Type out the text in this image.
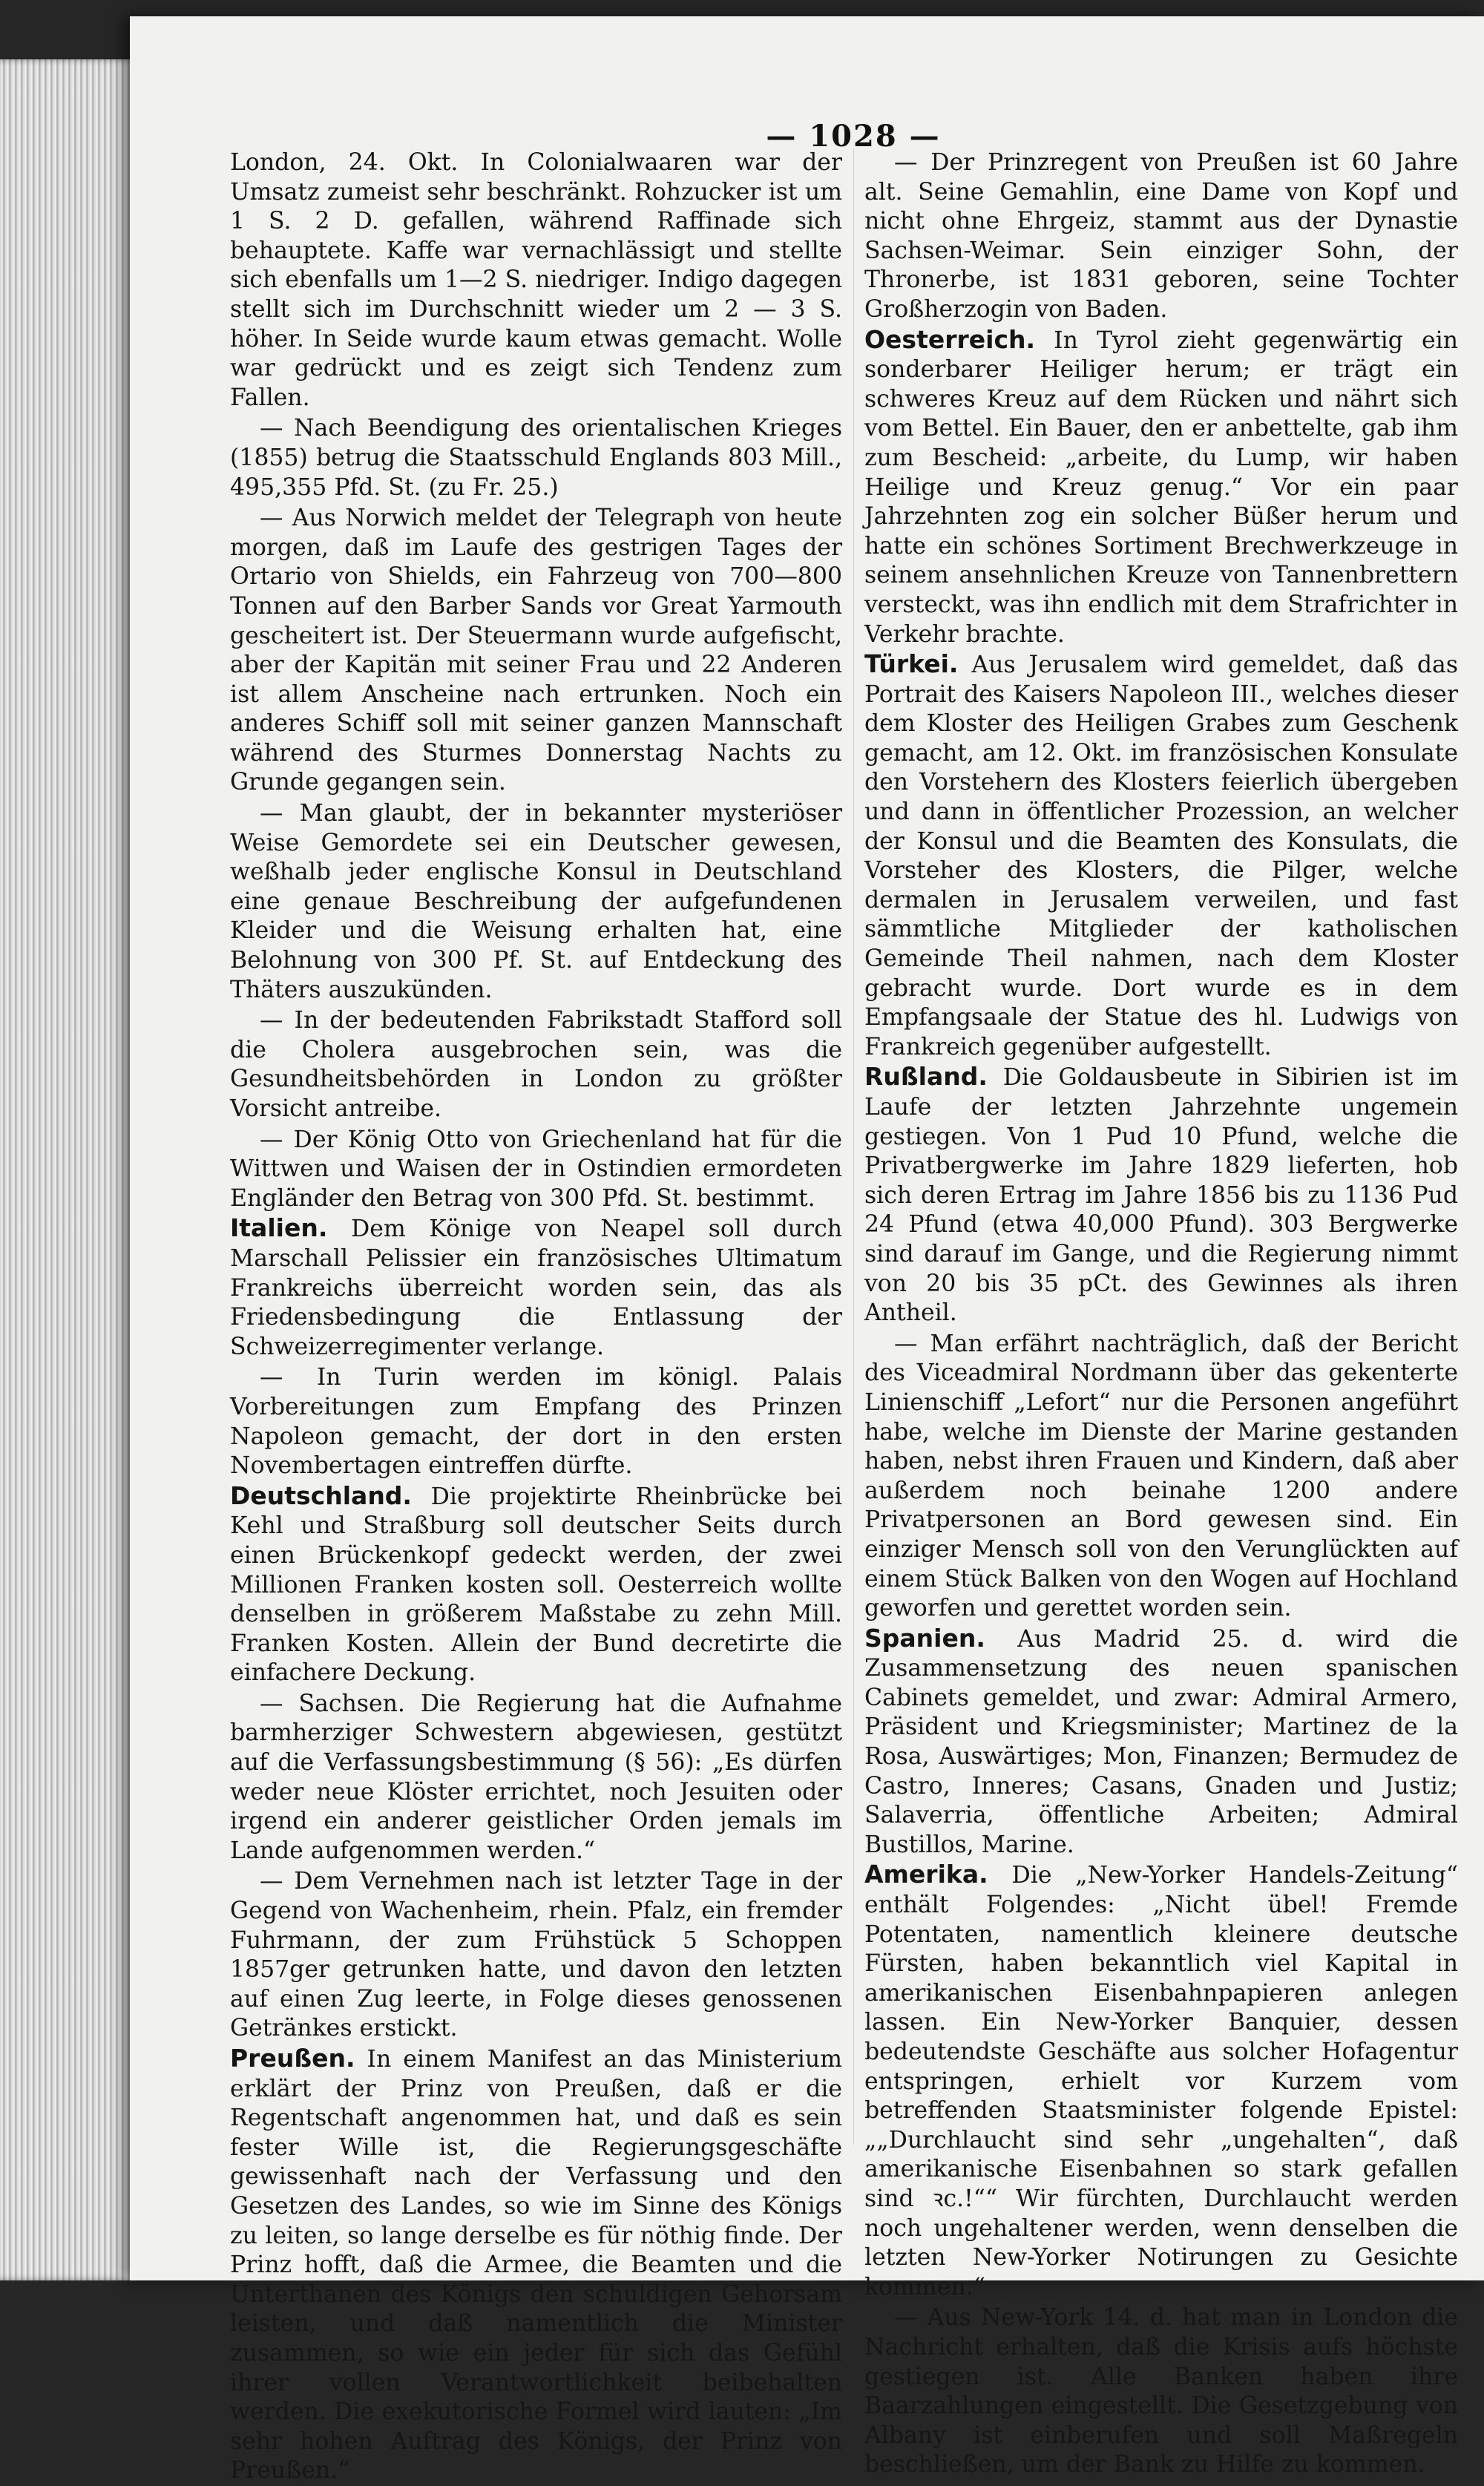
— 1028 —

London, 24. Okt. In Colonialwaaren war der Umsatz zumeist sehr beschränkt. Rohzucker ist um 1 S. 2 D. gefallen, während Raffinade sich behauptete. Kaffe war vernachlässigt und stellte sich ebenfalls um 1—2 S. niedriger. Indigo dagegen stellt sich im Durchschnitt wieder um 2 — 3 S. höher. In Seide wurde kaum etwas gemacht. Wolle war gedrückt und es zeigt sich Tendenz zum Fallen.

— Nach Beendigung des orientalischen Krieges (1855) betrug die Staatsschuld Englands 803 Mill., 495,355 Pfd. St. (zu Fr. 25.)

— Aus Norwich meldet der Telegraph von heute morgen, daß im Laufe des gestrigen Tages der Ortario von Shields, ein Fahrzeug von 700—800 Tonnen auf den Barber Sands vor Great Yarmouth gescheitert ist. Der Steuermann wurde aufgefischt, aber der Kapitän mit seiner Frau und 22 Anderen ist allem Anscheine nach ertrunken. Noch ein anderes Schiff soll mit seiner ganzen Mannschaft während des Sturmes Donnerstag Nachts zu Grunde gegangen sein.

— Man glaubt, der in bekannter mysteriöser Weise Gemordete sei ein Deutscher gewesen, weßhalb jeder englische Konsul in Deutschland eine genaue Beschreibung der aufgefundenen Kleider und die Weisung erhalten hat, eine Belohnung von 300 Pf. St. auf Entdeckung des Thäters auszukünden.

— In der bedeutenden Fabrikstadt Stafford soll die Cholera ausgebrochen sein, was die Gesundheitsbehörden in London zu größter Vorsicht antreibe.

— Der König Otto von Griechenland hat für die Wittwen und Waisen der in Ostindien ermordeten Engländer den Betrag von 300 Pfd. St. bestimmt.

Italien. Dem Könige von Neapel soll durch Marschall Pelissier ein französisches Ultimatum Frankreichs überreicht worden sein, das als Friedensbedingung die Entlassung der Schweizerregimenter verlange.

— In Turin werden im königl. Palais Vorbereitungen zum Empfang des Prinzen Napoleon gemacht, der dort in den ersten Novembertagen eintreffen dürfte.

Deutschland. Die projektirte Rheinbrücke bei Kehl und Straßburg soll deutscher Seits durch einen Brückenkopf gedeckt werden, der zwei Millionen Franken kosten soll. Oesterreich wollte denselben in größerem Maßstabe zu zehn Mill. Franken Kosten. Allein der Bund decretirte die einfachere Deckung.

— Sachsen. Die Regierung hat die Aufnahme barmherziger Schwestern abgewiesen, gestützt auf die Verfassungsbestimmung (§ 56): „Es dürfen weder neue Klöster errichtet, noch Jesuiten oder irgend ein anderer geistlicher Orden jemals im Lande aufgenommen werden.“

— Dem Vernehmen nach ist letzter Tage in der Gegend von Wachenheim, rhein. Pfalz, ein fremder Fuhrmann, der zum Frühstück 5 Schoppen 1857ger getrunken hatte, und davon den letzten auf einen Zug leerte, in Folge dieses genossenen Getränkes erstickt.

Preußen. In einem Manifest an das Ministerium erklärt der Prinz von Preußen, daß er die Regentschaft angenommen hat, und daß es sein fester Wille ist, die Regierungsgeschäfte gewissenhaft nach der Verfassung und den Gesetzen des Landes, so wie im Sinne des Königs zu leiten, so lange derselbe es für nöthig finde. Der Prinz hofft, daß die Armee, die Beamten und die Unterthanen des Königs den schuldigen Gehorsam leisten, und daß namentlich die Minister zusammen, so wie ein jeder für sich das Gefühl ihrer vollen Verantwortlichkeit beibehalten werden. Die exekutorische Formel wird lauten: „Im sehr hohen Auftrag des Königs, der Prinz von Preußen.“

— Der Prinzregent von Preußen ist 60 Jahre alt. Seine Gemahlin, eine Dame von Kopf und nicht ohne Ehrgeiz, stammt aus der Dynastie Sachsen-Weimar. Sein einziger Sohn, der Thronerbe, ist 1831 geboren, seine Tochter Großherzogin von Baden.

Oesterreich. In Tyrol zieht gegenwärtig ein sonderbarer Heiliger herum; er trägt ein schweres Kreuz auf dem Rücken und nährt sich vom Bettel. Ein Bauer, den er anbettelte, gab ihm zum Bescheid: „arbeite, du Lump, wir haben Heilige und Kreuz genug.“ Vor ein paar Jahrzehnten zog ein solcher Büßer herum und hatte ein schönes Sortiment Brechwerkzeuge in seinem ansehnlichen Kreuze von Tannenbrettern versteckt, was ihn endlich mit dem Strafrichter in Verkehr brachte.

Türkei. Aus Jerusalem wird gemeldet, daß das Portrait des Kaisers Napoleon III., welches dieser dem Kloster des Heiligen Grabes zum Geschenk gemacht, am 12. Okt. im französischen Konsulate den Vorstehern des Klosters feierlich übergeben und dann in öffentlicher Prozession, an welcher der Konsul und die Beamten des Konsulats, die Vorsteher des Klosters, die Pilger, welche dermalen in Jerusalem verweilen, und fast sämmtliche Mitglieder der katholischen Gemeinde Theil nahmen, nach dem Kloster gebracht wurde. Dort wurde es in dem Empfangsaale der Statue des hl. Ludwigs von Frankreich gegenüber aufgestellt.

Rußland. Die Goldausbeute in Sibirien ist im Laufe der letzten Jahrzehnte ungemein gestiegen. Von 1 Pud 10 Pfund, welche die Privatbergwerke im Jahre 1829 lieferten, hob sich deren Ertrag im Jahre 1856 bis zu 1136 Pud 24 Pfund (etwa 40,000 Pfund). 303 Bergwerke sind darauf im Gange, und die Regierung nimmt von 20 bis 35 pCt. des Gewinnes als ihren Antheil.

— Man erfährt nachträglich, daß der Bericht des Viceadmiral Nordmann über das gekenterte Linienschiff „Lefort“ nur die Personen angeführt habe, welche im Dienste der Marine gestanden haben, nebst ihren Frauen und Kindern, daß aber außerdem noch beinahe 1200 andere Privatpersonen an Bord gewesen sind. Ein einziger Mensch soll von den Verunglückten auf einem Stück Balken von den Wogen auf Hochland geworfen und gerettet worden sein.

Spanien. Aus Madrid 25. d. wird die Zusammensetzung des neuen spanischen Cabinets gemeldet, und zwar: Admiral Armero, Präsident und Kriegsminister; Martinez de la Rosa, Auswärtiges; Mon, Finanzen; Bermudez de Castro, Inneres; Casans, Gnaden und Justiz; Salaverria, öffentliche Arbeiten; Admiral Bustillos, Marine.

Amerika. Die „New-Yorker Handels-Zeitung“ enthält Folgendes: „Nicht übel! Fremde Potentaten, namentlich kleinere deutsche Fürsten, haben bekanntlich viel Kapital in amerikanischen Eisenbahnpapieren anlegen lassen. Ein New-Yorker Banquier, dessen bedeutendste Geschäfte aus solcher Hofagentur entspringen, erhielt vor Kurzem vom betreffenden Staatsminister folgende Epistel: „„Durchlaucht sind sehr „ungehalten“, daß amerikanische Eisenbahnen so stark gefallen sind ꝛc.!““ Wir fürchten, Durchlaucht werden noch ungehaltener werden, wenn denselben die letzten New-Yorker Notirungen zu Gesichte kommen.“

— Aus New-York 14. d. hat man in London die Nachricht erhalten, daß die Krisis aufs höchste gestiegen ist. Alle Banken haben ihre Baarzahlungen eingestellt. Die Gesetzgebung von Albany ist einberufen und soll Maßregeln beschließen, um der Bank zu Hilfe zu kommen.
